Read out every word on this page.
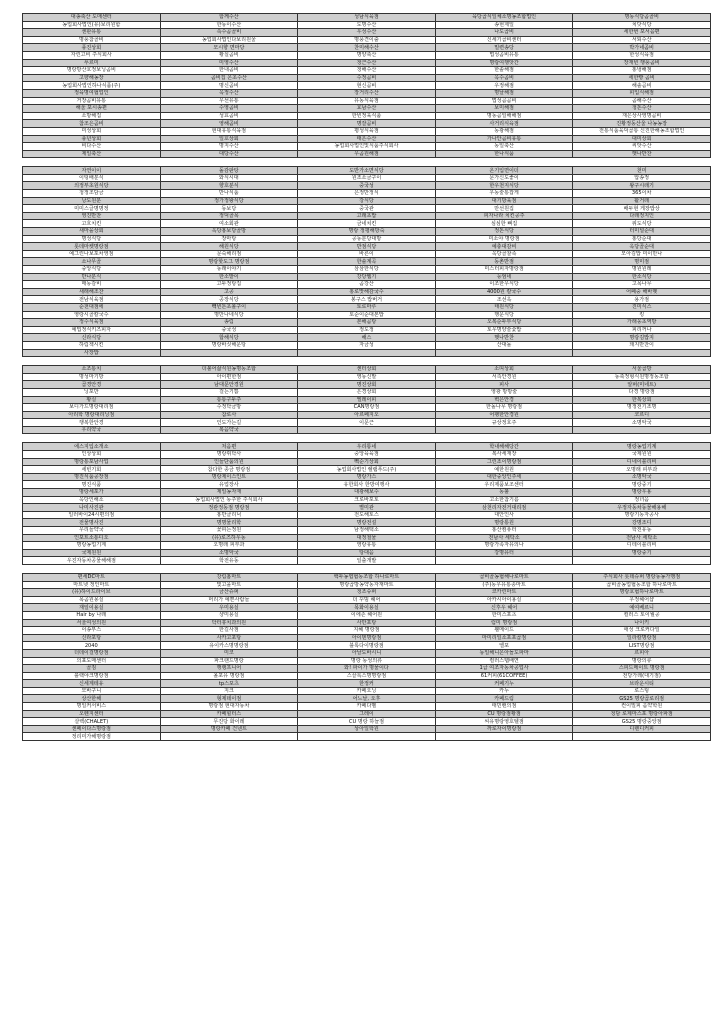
대송축산 도매센터	함께수산	성남식육점	육당곱식일체소명농조합법인	명동식당곰골비
농업회사법인(유)보리원함	한동이수산	도명수산	송현제일	치닷식당
센판유통	속수곰골비	우성수산	나도곱비	세한번 포서음편
명풍참골비	농업회사법인다보리원울	명풍견이출	신세기곱비센터	서퇴수산
풍진상회	모시향 면마당	찬미해수산	밀련송당	박가네곰비
자린고비 주식회사	황실곰비	명양축산	법성곰비유통	한성식육점
푸르미	미영수산	청근수산	명랑여행앗간	장재빈 행풍곰비
명랑방산호정보닝곰비	한내곰비	청해수산	한솔해점	홍냉해점
고향해농장	곰비집 온초수산	수정곰비	옥수곰비	세한빵 곰비
농업회사법인하나식품(주)	명신곰비	현신곰비	우정해점	해솔곰비
정육명여협업인	옥정수산	장거리수산	명날해점	피입식해점
거장곰비유통	우선유통	유동식육점	법성곰곰비	곰해수산
해울 포시송편	수영곰비	효남수산	보미해점	청돈수산
소방해집	성효곰비	한빈정육식품	명동곰일해해점	재은상사영명곰비
참조은곰비	영해곰비	명잘곰비	사거리식육점	진황정동산울 나농농장
미성상회	현대유통식육점	평성식육점	동광해점	전통식품육덕곱통 신진한해농조합법인
풍년상회	일호상회	태은수산	가나안곰비유통	대미상회
비다수산	명지수산	농업회사법인빛식품주식회사	동일축산	씨앗수산
제일축산	대당수산	우곰원해점	한나식품	햇나반찬
자연이이	돌감판탕	도반가소면식당	온기입면이더	천미
이팅배분식	와식시대	원조소금구이	문가신도좋이	압송정
의정부초원식당	향호분식	중국성	한우천지식당	왕구시래기
청정조담금	반나식품	은정반정식	우동술통잡게	365이차
낭도원분	정가정왕식당	강식당	대기방육점	활거래
미미스글명명정	동보당	중국관	만선원집	배두현 게장밥상
영진반찬	정덕골목	고래초밥	피자나라 치킨공주	다래정지인
고흐치킨	여소회관	금네치킨	심심한 뼈집	위도식당
새마을상회	옥당홍보당골방	명랑 정평해방숙	정돈식당	터미널순대
명성식당	장마탕	공동분당대방	미소야 명랑점	홍당순대
롯데마켓명랑점	해원식당	반점식당	예충대감비	옥당골순대
예그린나보포차영점	문숙해리점	바른이	옥당골찰족	모아김밥 미이만나
소나무골	명랑핫도그 명랑점	한솔계곡	동촌반점	명미점
중앙식당	동래이야기	삼삼한식당	미스터피자명랑점	명원원레
반나분식	한소밭이	강당뀀기	능엄네	한소식당
매동감비	고두정탕집	곰강산	이조한우식당	고목나무
새래해조찬	고공	홍로맛해감국수	4000원 칼국수	어폐중 해바뗏
전남식육점	공장식당	봉구스 밥버거	조선옥	용가점
순천대점에	빽빈돈초볼구이	토로마루	태원식당	진미식스
영랑시골칼국수	명만나네식당	토순이순대본밥	행운식당	킹
정수식육점	송림	본해곰탕	오복순두부식당	가래옹초역방
예빕정식키즈피자	중국성	정도정	토우명양술숯밥	피리꺼나
신라식당	합해식당	해스	햇나반찬	명랑김밥지
하림첵시킨	명랑바싯해운탕	자금성	산대돌	돼지반찬이
사장밥				
소조통치	더불어삶식원농명동조합	센터상회	소띠상회	서울곱방
명성마기방	아이편한점	영동신발	서측안경원	동축정형식원명정동조합
곱경안경	남대문안경원	명진상회	피사	알퍼(미네트)
닝포만	걸는기쁨	은경상회	영광 방방술	다경 명랑점
황실	통통구두주	엘레이피	벽은안경	한복상회
보디가드명랑대리점	수정닥금방	CAN명랑점	한돌나무 명랑점	명정전기조명
아리학 명랑대리닝점	참로사	아르페지오	어팽한안경원	코르디
행복한안경	인도가는길	이문근	규상정호주	소명악국
우리약국	복음약국			
에스지입소개소	처음편	우리통네	학내해해당간	명랑농업기계
인상상회	명랑휘닥사	중앙육육점	복사세재장	국제원원
명랑통포남사업	인들단품의원	빽순기상회	그린조이명랑점	디네이블리비
세빈기회	참다한 종금 명랑점	농업회사법인 렐램푸드(주)	예한원원	오명래 피부과
명진식품공장점	명랑제이스인트	명랑가스	대한중앙인주세	소명악국
명진식품	유업장사	유한회사 한방여행사	우리제품보조센터	명랑중기
명랑세포가	제일농자재	대광해보수	동불	명랑우용
옥당인해소	농업회사법인 동주한 주식회사	크로바포토	고소한참기름	정녀음
나미사진관	정관정동점 명랑점	별미관	삼천리자전거대리점	우정자동차동물해용해
일러바이24시편의점	홍반클리닉	전도해토스	대안인사	명랑기동자공사
전물명사진	명명물리학	명랑전설	명랑통원	강명조디
우리들약국	꽃피는정원	남정해택소	홍산컴퓨터	학전유동
인포트소통디오	(유)로즈하우동	대정철물	전남사 세탁소	전남사 세탁소
명랑농업기계	오명래 피부과	영랑유통	명랑가족자유의나	디테이블리비
국제원원	소명악국	탕대음	강명유터	명랑중기
우진자동차공물해해점	학전유동	일출개발		
편세DC마트	강림홈마트	백두농엽협동조합 하나로마트	곱비골농협해나로마트	주식회사 롯데슈퍼 명랑동농가맹점
마트넷 정인마트	빛고을마트	명랑곱방농약동자재마트	(주)동우유통종마트	곱비골농업협동조합 하나로마트
(유)하이드라이브	금산슈퍼	청조슈퍼	코카린마트	명랑호협하나로마트
목곰원몽실	머리가 예쁜사람들	더 꾸밈 헤어	아카시아이용실	우정헤어샵
재일이용실	우미용실	목화이용실	신후우 헤어	예여베르니
Hair by 나래	샹미용실	이에손 헤어원	한미스포츠	컬러스 토이월공
서울여성의원	닥터휴치과의원	사만포탕	럼미 명랑점	나이키
이송부스	한길사점	지혜 명랑점	웰메이드	애성 크로커다일
신라포탕	사카고포탕	아이덴명랑점	마미리일소포포곱점	일라칼명랑점
2040	유이카스명명랑점	블록다이명랑점	엘포	LIST명랑점
더데이걸명랑점	미코	아날도바시니	동일해니온아놀도파마	르피아
의표도매센터	파크랜드명랑	명랑 동성의류	컬러스텝배연	명랑의류
골짐	행랭프니어	와! 파이가 명물이다	1급 여조자동차공업사	스피드메이트 명랑점
블랙야크명랑점	올포유 명랑점	스끌록스명명랑점	61커피(61COFFEE)	전당가레(대기점)
신세계테유	tp스포츠	한정커	커페기누	브라운시티
모바구니	지크	카페오닝	카누	로스팅
상산한해	형제데이점	어느날, 오후	카페드림	GS25 명랑곱로리점
명일커서비스	명랑점 현대자동차	카페다벨	태민밴의점	컨이빌피 음약학원
오렌지센터	카페힐터스	그레이	CU 명랑점황점	청담 로제마스포 명랑아파점
살렉(CHALET)	무진당 화이레	CU 명랑 하늘점	씨유명랑영호텔점	GS25 명랑중앙점
센페이다스명랑점	명랑카페 건넨트	상아일학원	까로자이명랑점	디렌디커피
정리미가해명랑점				
